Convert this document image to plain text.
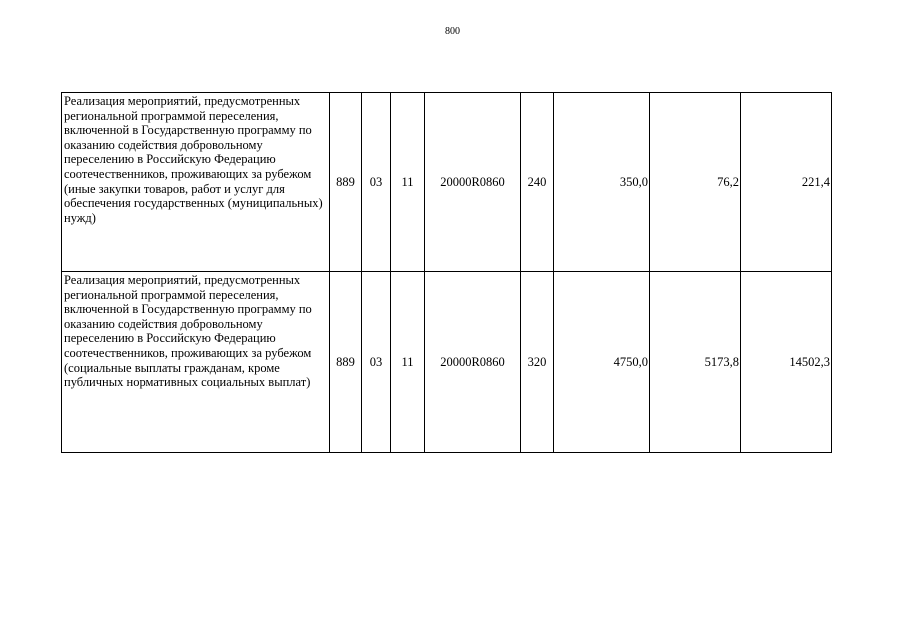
800
Реализация мероприятий, предусмотренных региональной программой переселения, включенной в Государственную программу по оказанию содействия добровольному переселению в Российскую Федерацию соотечественников, проживающих за рубежом (иные закупки товаров, работ и услуг для обеспечения государственных (муниципальных) нужд)	889	03	11	20000R0860	240	350,0	76,2	221,4
Реализация мероприятий, предусмотренных региональной программой переселения, включенной в Государственную программу по оказанию содействия добровольному переселению в Российскую Федерацию соотечественников, проживающих за рубежом (социальные выплаты гражданам, кроме публичных нормативных социальных выплат)	889	03	11	20000R0860	320	4750,0	5173,8	14502,3
